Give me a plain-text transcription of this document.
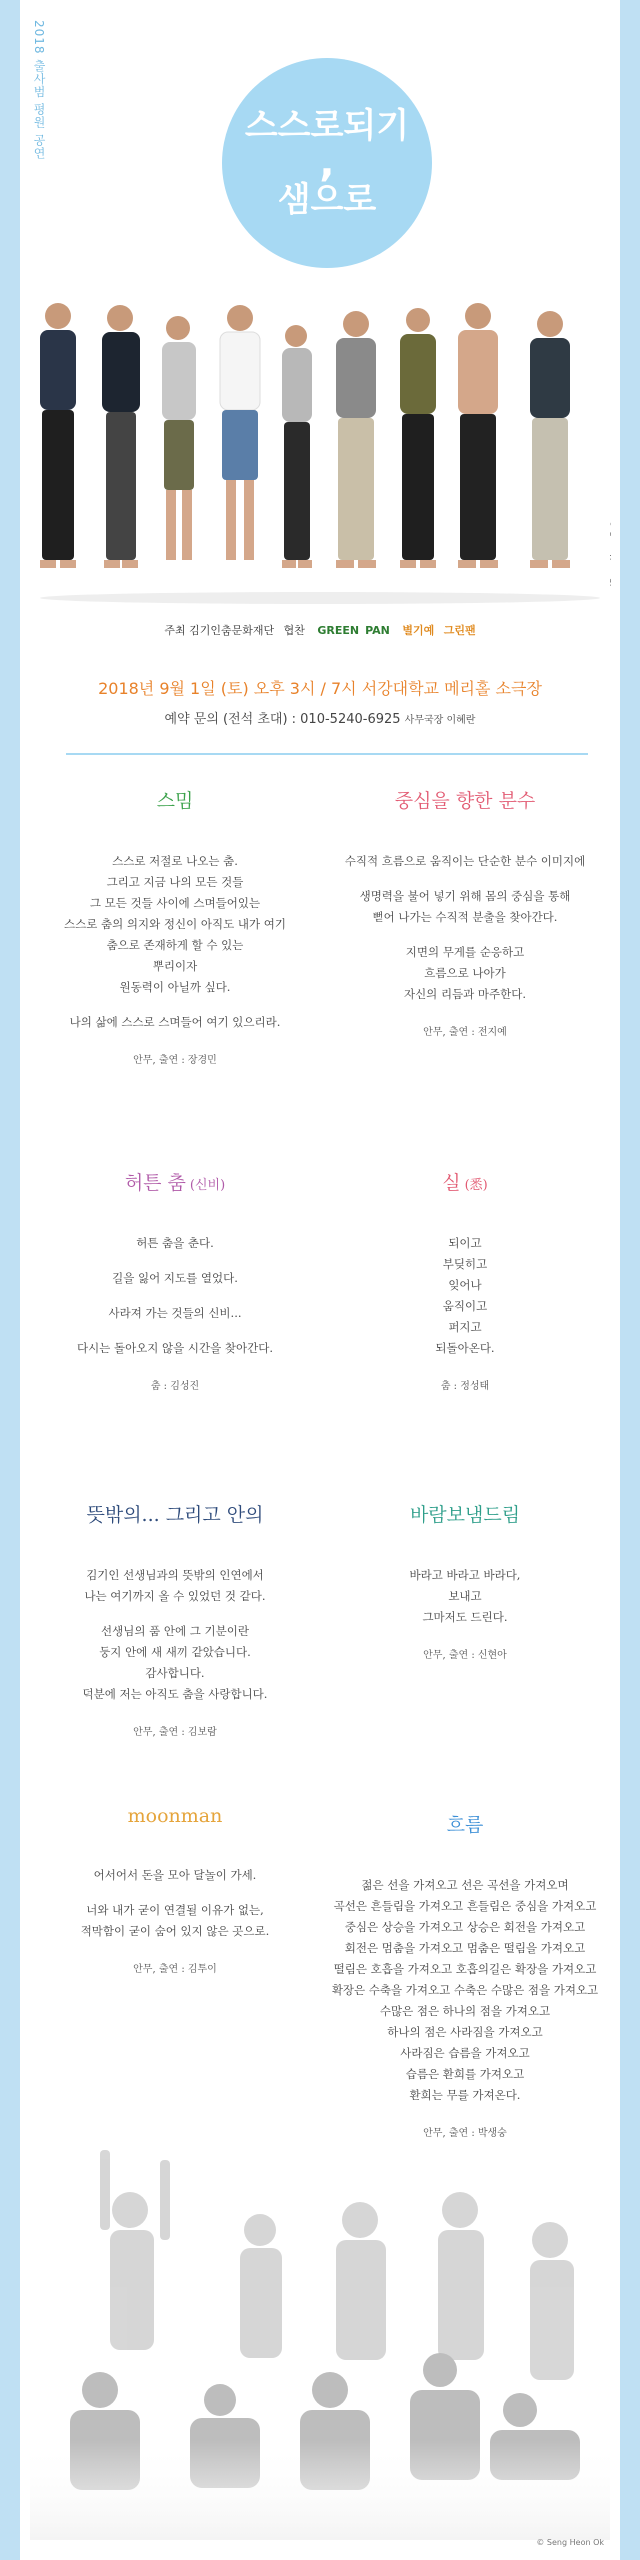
2018 출사범 평원 공연	스스로되기
,
샘으로
주최 김기인춤문화재단 협찬 GREEN PAN 별기예 그린팬
2018년 9월 1일 (토) 오후 3시 / 7시 서강대학교 메리홀 소극장
예약 문의 (전석 초대) : 010-5240-6925 사무국장 이혜란
스밈
스스로 저절로 나오는 춤.
그리고 지금 나의 모든 것들
그 모든 것들 사이에 스며들어있는
스스로 춤의 의지와 정신이 아직도 내가 여기
춤으로 존재하게 할 수 있는
뿌리이자
원동력이 아닐까 싶다.
나의 삶에 스스로 스며들어 여기 있으리라.
안무, 출연 : 장경민
중심을 향한 분수
수직적 흐름으로 움직이는 단순한 분수 이미지에
생명력을 불어 넣기 위해 몸의 중심을 통해
뻗어 나가는 수직적 분출을 찾아간다.
지면의 무게를 순응하고
흐름으로 나아가
자신의 리듬과 마주한다.
안무, 출연 : 전지예
허튼 춤 (신비)
허튼 춤을 춘다.
길을 잃어 지도를 열었다.
사라져 가는 것들의 신비...
다시는 돌아오지 않을 시간을 찾아간다.
춤 : 김성진
실 (悉)
되이고
부딪히고
잊어나
움직이고
퍼지고
되돌아온다.
춤 : 정성태
뜻밖의... 그리고 안의
김기인 선생님과의 뜻밖의 인연에서
나는 여기까지 올 수 있었던 것 같다.
선생님의 품 안에 그 기분이란
둥지 안에 새 새끼 같았습니다.
감사합니다.
덕분에 저는 아직도 춤을 사랑합니다.
안무, 출연 : 김보람
바람보냄드림
바라고 바라고 바라다,
보내고
그마저도 드린다.
안무, 출연 : 신현아
moonman
어서어서 돈을 모아 달놀이 가세.
너와 내가 굳이 연결될 이유가 없는,
적막함이 굳이 숨어 있지 않은 곳으로.
안무, 출연 : 김투이
흐름
젊은 선을 가져오고 선은 곡선을 가져오며
곡선은 흔들림을 가져오고 흔들림은 중심을 가져오고
중심은 상승을 가져오고 상승은 회전을 가져오고
회전은 멈춤을 가져오고 멈춤은 떨림을 가져오고
떨림은 호흡을 가져오고 호흡의길은 확장을 가져오고
확장은 수축을 가져오고 수축은 수많은 점을 가져오고
수많은 점은 하나의 점을 가져오고
하나의 점은 사라짐을 가져오고
사라짐은 습름을 가져오고
습름은 환희를 가져오고
환희는 무를 가져온다.
안무, 출연 : 박생숭
© Seng Heon Ok
